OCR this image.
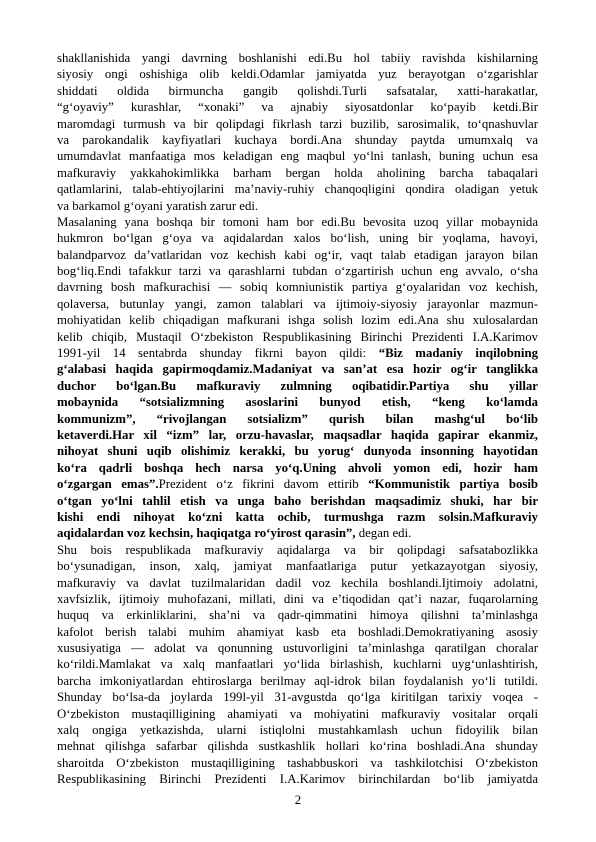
shakllanishida yangi davrning boshlanishi edi.Bu hol tabiiy ravishda kishilarning
siyosiy ongi oshishiga olib keldi.Odamlar jamiyatda yuz berayotgan o‘zgarishlar
shiddati oldida birmuncha gangib qolishdi.Turli safsatalar, xatti-harakatlar,
“g‘oyaviy” kurashlar, “xonaki” va ajnabiy siyosatdonlar ko‘payib ketdi.Bir
maromdagi turmush va bir qolipdagi fikrlash tarzi buzilib, sarosimalik, to‘qnashuvlar
va parokandalik kayfiyatlari kuchaya bordi.Ana shunday paytda umumxalq va
umumdavlat manfaatiga mos keladigan eng maqbul yo‘lni tanlash, buning uchun esa
mafkuraviy yakkahokimlikka barham bergan holda aholining barcha tabaqalari
qatlamlarini, talab-ehtiyojlarini ma’naviy-ruhiy chanqoqligini qondira oladigan yetuk
va barkamol g‘oyani yaratish zarur edi.
Masalaning yana boshqa bir tomoni ham bor edi.Bu bevosita uzoq yillar mobaynida
hukmron bo‘lgan g‘oya va aqidalardan xalos bo‘lish, uning bir yoqlama, havoyi,
balandparvoz da’vatlaridan voz kechish kabi og‘ir, vaqt talab etadigan jarayon bilan
bog‘liq.Endi tafakkur tarzi va qarashlarni tubdan o‘zgartirish uchun eng avvalo, o‘sha
davrning bosh mafkurachisi — sobiq komniunistik partiya g‘oyalaridan voz kechish,
qolaversa, butunlay yangi, zamon talablari va ijtimoiy-siyosiy jarayonlar mazmun-
mohiyatidan kelib chiqadigan mafkurani ishga solish lozim edi.Ana shu xulosalardan
kelib chiqib, Mustaqil O‘zbekiston Respublikasining Birinchi Prezidenti I.A.Karimov
1991-yil 14 sentabrda shunday fikrni bayon qildi: “Biz madaniy inqilobning
g‘alabasi haqida gapirmoqdamiz.Madaniyat va san’at esa hozir og‘ir tanglikka
duchor bo‘lgan.Bu mafkuraviy zulmning oqibatidir.Partiya shu yillar
mobaynida “sotsializmning asoslarini bunyod etish, “keng ko‘lamda
kommunizm”, “rivojlangan sotsializm” qurish bilan mashg‘ul bo‘lib
ketaverdi.Har xil “izm” lar, orzu-havaslar, maqsadlar haqida gapirar ekanmiz,
nihoyat shuni uqib olishimiz kerakki, bu yorug‘ dunyoda insonning hayotidan
ko‘ra qadrli boshqa hech narsa yo‘q.Uning ahvoli yomon edi, hozir ham
o‘zgargan emas”.Prezident o‘z fikrini davom ettirib “Kommunistik partiya bosib
o‘tgan yo‘lni tahlil etish va unga baho berishdan maqsadimiz shuki, har bir
kishi endi nihoyat ko‘zni katta ochib, turmushga razm solsin.Mafkuraviy
aqidalardan voz kechsin, haqiqatga ro‘yirost qarasin”, degan edi.
Shu bois respublikada mafkuraviy aqidalarga va bir qolipdagi safsatabozlikka
bo‘ysunadigan, inson, xalq, jamiyat manfaatlariga putur yetkazayotgan siyosiy,
mafkuraviy va davlat tuzilmalaridan dadil voz kechila boshlandi.Ijtimoiy adolatni,
xavfsizlik, ijtimoiy muhofazani, millati, dini va e’tiqodidan qat’i nazar, fuqarolarning
huquq va erkinliklarini, sha’ni va qadr-qimmatini himoya qilishni ta’minlashga
kafolot berish talabi muhim ahamiyat kasb eta boshladi.Demokratiyaning asosiy
xususiyatiga — adolat va qonunning ustuvorligini ta’minlashga qaratilgan choralar
ko‘rildi.Mamlakat va xalq manfaatlari yo‘lida birlashish, kuchlarni uyg‘unlashtirish,
barcha imkoniyatlardan ehtiroslarga berilmay aql-idrok bilan foydalanish yo‘li tutildi.
Shunday bo‘lsa-da joylarda 199l-yil 31-avgustda qo‘lga kiritilgan tarixiy voqea -
O‘zbekiston mustaqilligining ahamiyati va mohiyatini mafkuraviy vositalar orqali
xalq ongiga yetkazishda, ularni istiqlolni mustahkamlash uchun fidoyilik bilan
mehnat qilishga safarbar qilishda sustkashlik hollari ko‘rina boshladi.Ana shunday
sharoitda O‘zbekiston mustaqilligining tashabbuskori va tashkilotchisi O‘zbekiston
Respublikasining Birinchi Prezidenti I.A.Karimov birinchilardan bo‘lib jamiyatda
2
